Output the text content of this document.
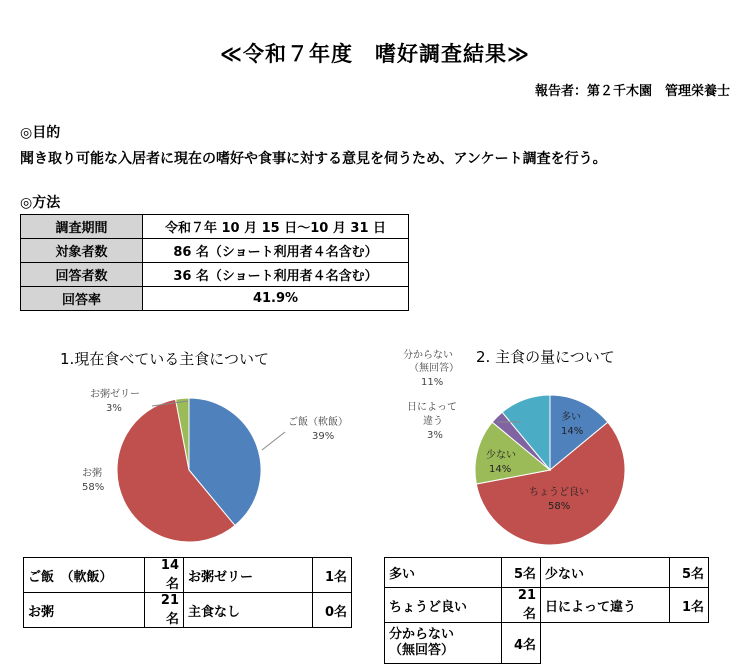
≪令和７年度　嗜好調査結果≫
報告者：第２千木園　管理栄養士
◎目的
聞き取り可能な入居者に現在の嗜好や食事に対する意見を伺うため、アンケート調査を行う。
◎方法
調査期間	令和７年 10 月 15 日～10 月 31 日
対象者数	86 名（ショート利用者４名含む）
回答者数	36 名（ショート利用者４名含む）
回答率	41.9%
1.現在食べている主食について
ご飯（軟飯）
39%
お粥
58%
お粥ゼリー
3%
2. 主食の量について
分からない
（無回答）
11%
日によって
違う
3%
多い
14%
少ない
14%
ちょうど良い
58%
ご飯　（軟飯）	14名	お粥ゼリー	1名
お粥	21名	主食なし	0名
多い	5名	少ない	5名
ちょうど良い	21名	日によって違う	1名
分からない
（無回答）	4名		
